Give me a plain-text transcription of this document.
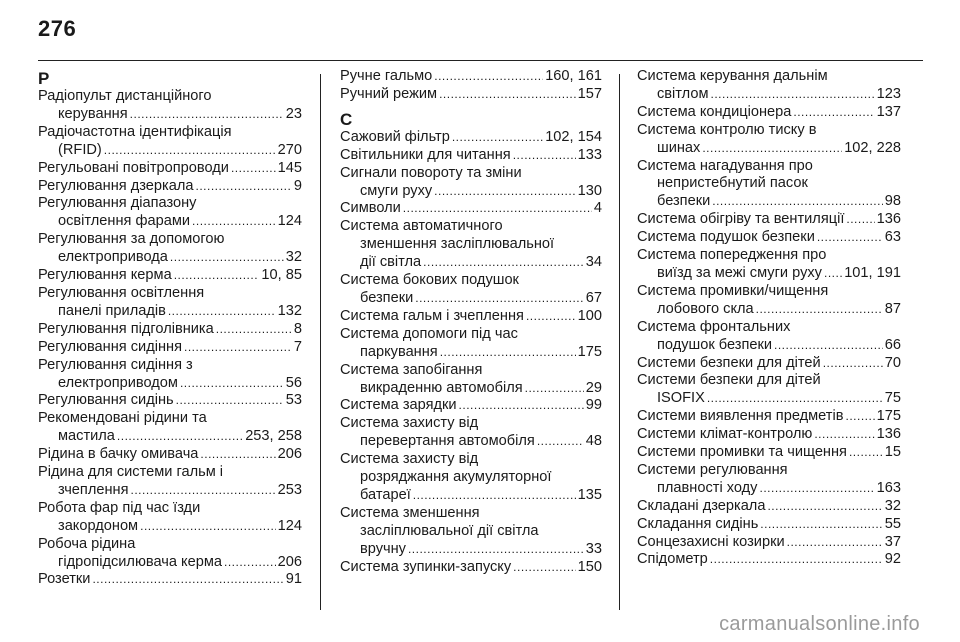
276
Р
Радіопульт дистанційного
керування .....	23
Радіочастотна ідентифікація
(RFID) .....	270
Регульовані повітропроводи .....	145
Регулювання дзеркала .....	9
Регулювання діапазону
освітлення фарами .....	124
Регулювання за допомогою
електропривода .....	32
Регулювання керма .....	10, 85
Регулювання освітлення
панелі приладів .....	132
Регулювання підголівника .....	8
Регулювання сидіння .....	7
Регулювання сидіння з
електроприводом .....	56
Регулювання сидінь .....	53
Рекомендовані рідини та
мастила .....	253, 258
Рідина в бачку омивача .....	206
Рідина для системи гальм і
зчеплення .....	253
Робота фар під час їзди
закордоном .....	124
Робоча рідина
гідропідсилювача керма .....	206
Розетки .....	91
Ручне гальмо .....	160, 161
Ручний режим .....	157
С
Сажовий фільтр .....	102, 154
Світильники для читання .....	133
Сигнали повороту та зміни
смуги руху .....	130
Символи .....	4
Система автоматичного
зменшення засліплювальної
дії світла .....	34
Система бокових подушок
безпеки .....	67
Система гальм і зчеплення .....	100
Система допомоги під час
паркування .....	175
Система запобігання
викраденню автомобіля .....	29
Система зарядки .....	99
Система захисту від
перевертання автомобіля .....	48
Система захисту від
розряджання акумуляторної
батареї .....	135
Система зменшення
засліплювальної дії світла
вручну .....	33
Система зупинки-запуску .....	150
Система керування дальнім
світлом .....	123
Система кондиціонера .....	137
Система контролю тиску в
шинах .....	102, 228
Система нагадування про
непристебнутий пасок
безпеки .....	98
Система обігріву та вентиляції ..... 136
Система подушок безпеки .....	63
Система попередження про
виїзд за межі смуги руху ..... 101, 191
Система промивки/чищення
лобового скла .....	87
Система фронтальних
подушок безпеки .....	66
Системи безпеки для дітей .....	70
Системи безпеки для дітей
ISOFIX .....	75
Системи виявлення предметів ..... 175
Системи клімат-контролю .....	136
Системи промивки та чищення .....	15
Системи регулювання
плавності ходу .....	163
Складані дзеркала .....	32
Складання сидінь .....	55
Сонцезахисні козирки .....	37
Спідометр .....	92
carmanualsonline.info
